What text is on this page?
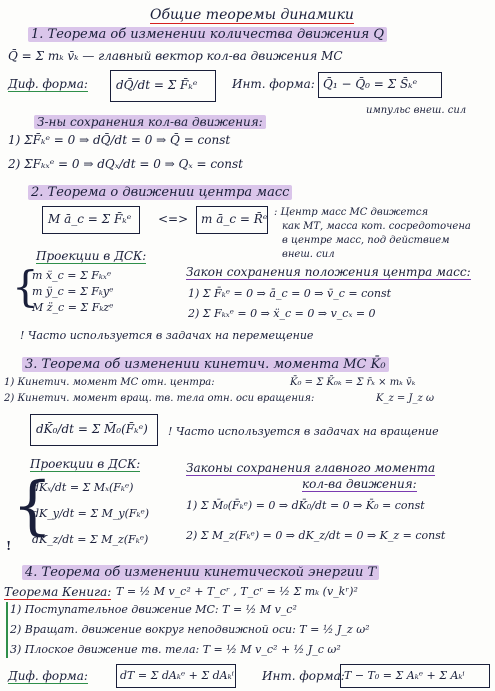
Общие теоремы динамики
1. Теорема об изменении количества движения Q
Q̄ = Σ mₖ v̄ₖ — главный вектор кол-ва движения МС
Диф. форма: dQ̄/dt = Σ F̄ₖᵉ	Инт. форма: Q̄₁ − Q̄₀ = Σ S̄ₖᵉ
импульс внеш. сил
З-ны сохранения кол-ва движения:
1) ΣF̄ₖᵉ = 0 ⇒ dQ̄/dt = 0 ⇒ Q̄ = const
2) ΣFₖₓᵉ = 0 ⇒ dQₓ/dt = 0 ⇒ Qₓ = const
2. Теорема о движении центра масс
M ā_c = Σ F̄ₖᵉ <=> m ā_c = R̄ᵉ : Центр масс МС движется
как МТ, масса кот. сосредоточена
в центре масс, под действием
внеш. сил
Проекции в ДСК:
{
m ẍ_c = Σ Fₖₓᵉ
m ÿ_c = Σ Fₖyᵉ
M z̈_c = Σ Fₖzᵉ
Закон сохранения положения центра масс:
1) Σ F̄ₖᵉ = 0 ⇒ ā_c = 0 ⇒ v̄_c = const
2) Σ Fₖₓᵉ = 0 ⇒ ẍ_c = 0 ⇒ v_cₓ = 0
! Часто используется в задачах на перемещение
3. Теорема об изменении кинетич. момента МС K̄₀
1) Кинетич. момент МС отн. центра:	K̄₀ = Σ K̄₀ₖ = Σ r̄ₖ × mₖ v̄ₖ
2) Кинетич. момент вращ. тв. тела отн. оси вращения:	K_z = J_z ω
dK̄₀/dt = Σ M̄₀(F̄ₖᵉ) ! Часто используется в задачах на вращение
Проекции в ДСК:
{
dKₓ/dt = Σ Mₓ(Fₖᵉ)
dK_y/dt = Σ M_y(Fₖᵉ)
dK_z/dt = Σ M_z(Fₖᵉ)
!
Законы сохранения главного момента
кол-ва движения:
1) Σ M̄₀(F̄ₖᵉ) = 0 ⇒ dK̄₀/dt = 0 ⇒ K̄₀ = const
2) Σ M_z(Fₖᵉ) = 0 ⇒ dK_z/dt = 0 ⇒ K_z = const
4. Теорема об изменении кинетической энергии T
Теорема Кенига: T = ½ M v_c² + T_cʳ , T_cʳ = ½ Σ mₖ (v_kʳ)²
1) Поступательное движение МС: T = ½ M v_c²
2) Вращат. движение вокруг неподвижной оси: T = ½ J_z ω²
3) Плоское движение тв. тела: T = ½ M v_c² + ½ J_c ω²
Диф. форма:	dT = Σ dAₖᵉ + Σ dAₖⁱ Инт. форма: T − T₀ = Σ Aₖᵉ + Σ Aₖⁱ
